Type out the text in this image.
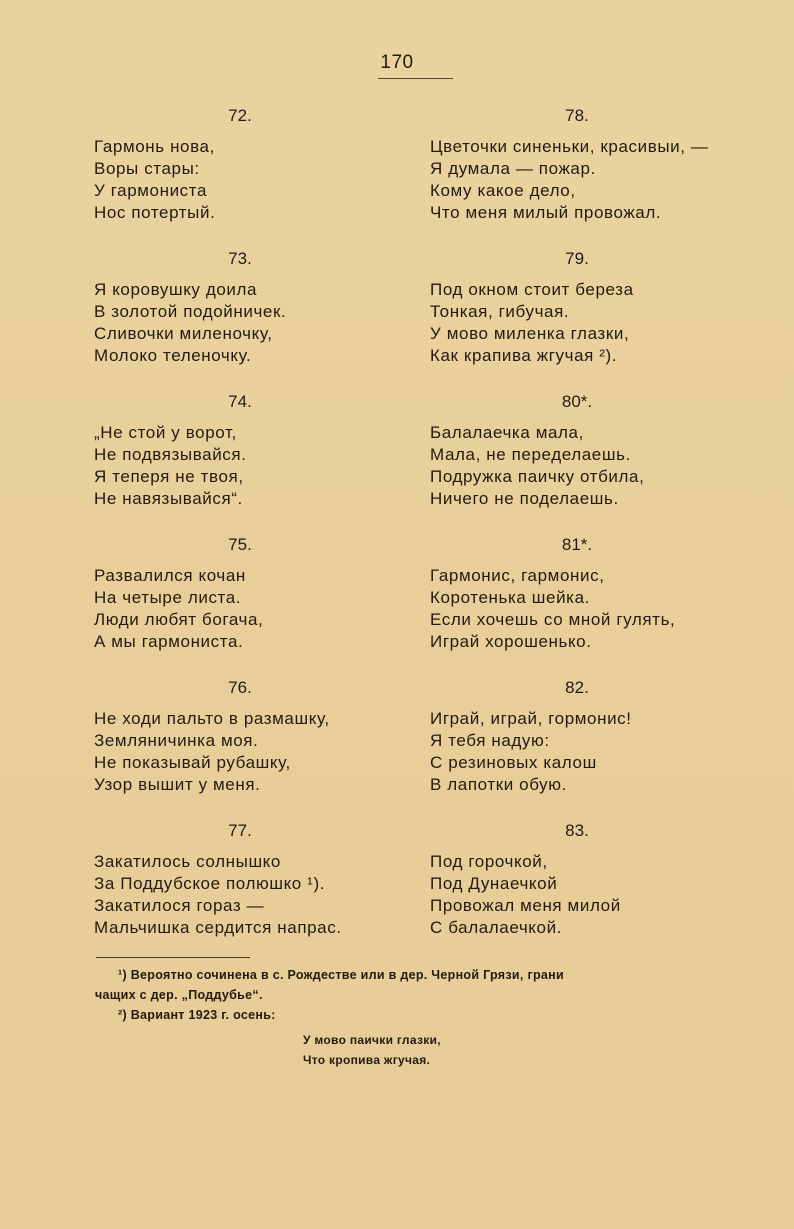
170
72.
Гармонь нова,
Воры стары:
У гармониста
Нос потертый.
73.
Я коровушку доила
В золотой подойничек.
Сливочки миленочку,
Молоко теленочку.
74.
„Не стой у ворот,
Не подвязывайся.
Я теперя не твоя,
Не навязывайся“.
75.
Развалился кочан
На четыре листа.
Люди любят богача,
А мы гармониста.
76.
Не ходи пальто в размашку,
Земляничинка моя.
Не показывай рубашку,
Узор вышит у меня.
77.
Закатилось солнышко
За Поддубское полюшко ¹).
Закатилося гораз —
Мальчишка сердится напрас.
78.
Цветочки синеньки, красивыи, —
Я думала — пожар.
Кому какое дело,
Что меня милый провожал.
79.
Под окном стоит береза
Тонкая, гибучая.
У мово миленка глазки,
Как крапива жгучая ²).
80*.
Балалаечка мала,
Мала, не переделаешь.
Подружка паичку отбила,
Ничего не поделаешь.
81*.
Гармонис, гармонис,
Коротенька шейка.
Если хочешь со мной гулять,
Играй хорошенько.
82.
Играй, играй, гормонис!
Я тебя надую:
С резиновых калош
В лапотки обую.
83.
Под горочкой,
Под Дунаечкой
Провожал меня милой
С балалаечкой.

¹) Вероятно сочинена в с. Рождестве или в дер. Черной Грязи, грани

чащих с дер. „Поддубье“.

²) Вариант 1923 г. осень:

У мово паички глазки,
Что кропива жгучая.
